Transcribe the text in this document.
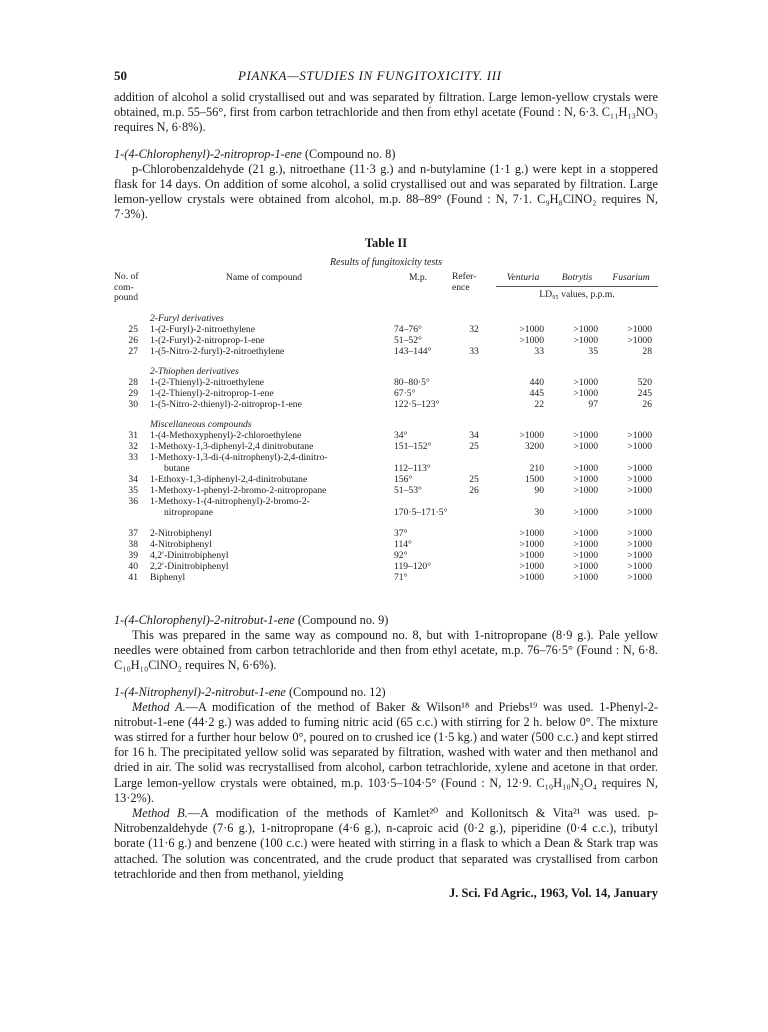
50	PIANKA—STUDIES IN FUNGITOXICITY. III

addition of alcohol a solid crystallised out and was separated by filtration. Large lemon-yellow crystals were obtained, m.p. 55–56°, first from carbon tetrachloride and then from ethyl acetate (Found : N, 6·3. C₁₁H₁₃NO₃ requires N, 6·8%).

1-(4-Chlorophenyl)-2-nitroprop-1-ene (Compound no. 8)

p-Chlorobenzaldehyde (21 g.), nitroethane (11·3 g.) and n-butylamine (1·1 g.) were kept in a stoppered flask for 14 days. On addition of some alcohol, a solid crystallised out and was separated by filtration. Large lemon-yellow crystals were obtained from alcohol, m.p. 88–89° (Found : N, 7·1. C₉H₈ClNO₂ requires N, 7·3%).

Table II
Results of fungitoxicity tests
No. of com- pound	Name of compound	M.p.	Refer- ence	Venturia	Botrytis	Fusarium
				LD₉₅ values, p.p.m.		
	2-Furyl derivatives					
25	1-(2-Furyl)-2-nitroethylene	74–76°	32	>1000	>1000	>1000
26	1-(2-Furyl)-2-nitroprop-1-ene	51–52°		>1000	>1000	>1000
27	1-(5-Nitro-2-furyl)-2-nitroethylene	143–144°	33	33	35	28
	2-Thiophen derivatives					
28	1-(2-Thienyl)-2-nitroethylene	80–80·5°		440	>1000	520
29	1-(2-Thienyl)-2-nitroprop-1-ene	67·5°		445	>1000	245
30	1-(5-Nitro-2-thienyl)-2-nitroprop-1-ene	122·5–123°		22	97	26
	Miscellaneous compounds					
31	1-(4-Methoxyphenyl)-2-chloroethylene	34°	34	>1000	>1000	>1000
32	1-Methoxy-1,3-diphenyl-2,4 dinitrobutane	151–152°	25	3200	>1000	>1000
33	1-Methoxy-1,3-di-(4-nitrophenyl)-2,4-dinitro-
butane	112–113°		210	>1000	>1000
34	1-Ethoxy-1,3-diphenyl-2,4-dinitrobutane	156°	25	1500	>1000	>1000
35	1-Methoxy-1-phenyl-2-bromo-2-nitropropane	51–53°	26	90	>1000	>1000
36	1-Methoxy-1-(4-nitrophenyl)-2-bromo-2-
nitropropane	170·5–171·5°		30	>1000	>1000
37	2-Nitrobiphenyl	37°		>1000	>1000	>1000
38	4-Nitrobiphenyl	114°		>1000	>1000	>1000
39	4,2′-Dinitrobiphenyl	92°		>1000	>1000	>1000
40	2,2′-Dinitrobiphenyl	119–120°		>1000	>1000	>1000
41	Biphenyl	71°		>1000	>1000	>1000
1-(4-Chlorophenyl)-2-nitrobut-1-ene (Compound no. 9)

This was prepared in the same way as compound no. 8, but with 1-nitropropane (8·9 g.). Pale yellow needles were obtained from carbon tetrachloride and then from ethyl acetate, m.p. 76–76·5° (Found : N, 6·8. C₁₀H₁₀ClNO₂ requires N, 6·6%).

1-(4-Nitrophenyl)-2-nitrobut-1-ene (Compound no. 12)

Method A.—A modification of the method of Baker & Wilson¹⁸ and Priebs¹⁹ was used. 1-Phenyl-2-nitrobut-1-ene (44·2 g.) was added to fuming nitric acid (65 c.c.) with stirring for 2 h. below 0°. The mixture was stirred for a further hour below 0°, poured on to crushed ice (1·5 kg.) and water (500 c.c.) and kept stirred for 16 h. The precipitated yellow solid was separated by filtration, washed with water and then methanol and dried in air. The solid was recrystallised from alcohol, carbon tetrachloride, xylene and acetone in that order. Large lemon-yellow crystals were obtained, m.p. 103·5–104·5° (Found : N, 12·9. C₁₀H₁₀N₂O₄ requires N, 13·2%).

Method B.—A modification of the methods of Kamlet²⁰ and Kollonitsch & Vita²¹ was used. p-Nitrobenzaldehyde (7·6 g.), 1-nitropropane (4·6 g.), n-caproic acid (0·2 g.), piperidine (0·4 c.c.), tributyl borate (11·6 g.) and benzene (100 c.c.) were heated with stirring in a flask to which a Dean & Stark trap was attached. The solution was concentrated, and the crude product that separated was crystallised from carbon tetrachloride and then from methanol, yielding

J. Sci. Fd Agric., 1963, Vol. 14, January
